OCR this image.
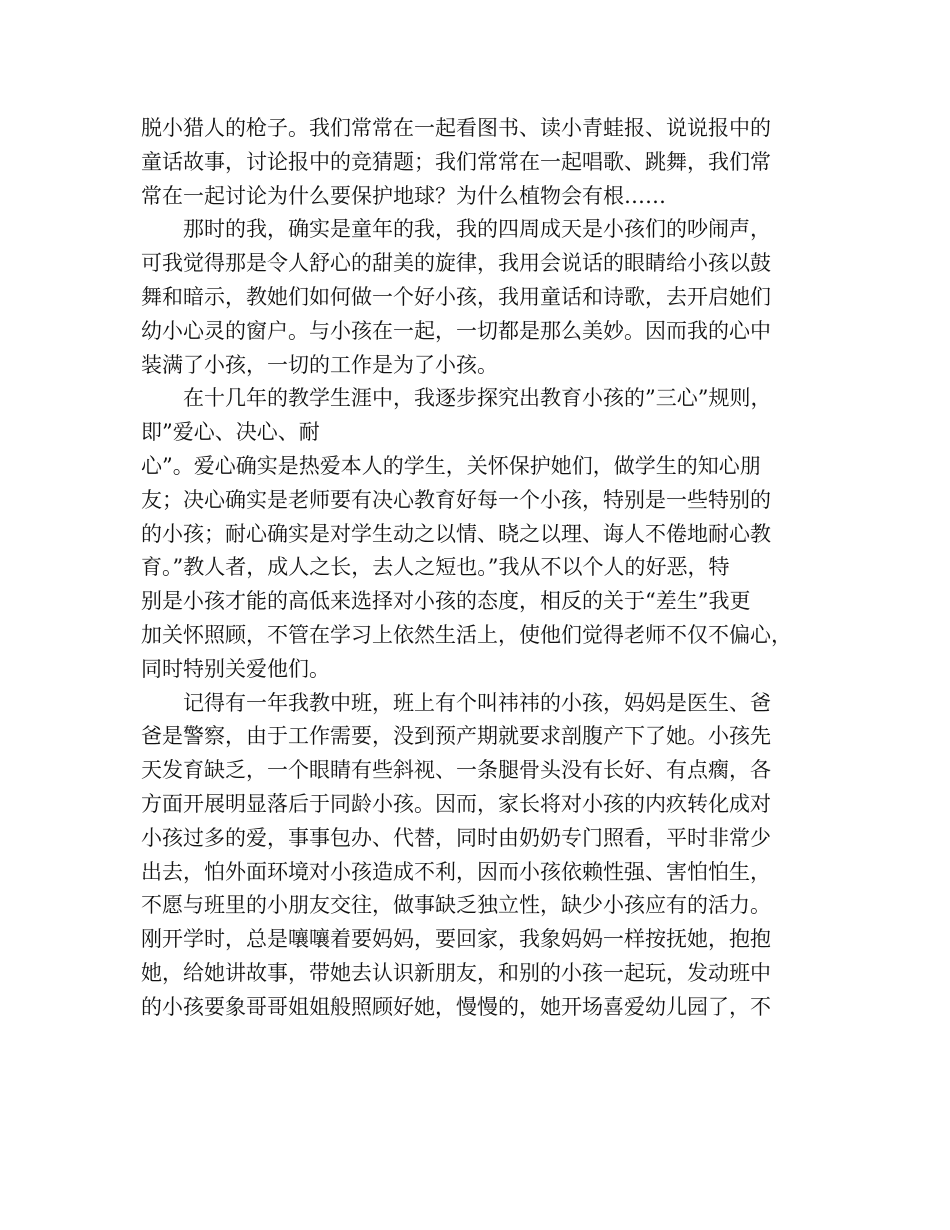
脱小猎人的枪子。我们常常在一起看图书、读小青蛙报、说说报中的
童话故事，讨论报中的竞猜题；我们常常在一起唱歌、跳舞，我们常
常在一起讨论为什么要保护地球？为什么植物会有根……
那时的我，确实是童年的我，我的四周成天是小孩们的吵闹声，
可我觉得那是令人舒心的甜美的旋律，我用会说话的眼睛给小孩以鼓
舞和暗示，教她们如何做一个好小孩，我用童话和诗歌，去开启她们
幼小心灵的窗户。与小孩在一起，一切都是那么美妙。因而我的心中
装满了小孩，一切的工作是为了小孩。
在十几年的教学生涯中，我逐步探究出教育小孩的”三心”规则，
即”爱心、决心、耐
心”。爱心确实是热爱本人的学生，关怀保护她们，做学生的知心朋
友；决心确实是老师要有决心教育好每一个小孩，特别是一些特别的
的小孩；耐心确实是对学生动之以情、晓之以理、诲人不倦地耐心教
育。”教人者，成人之长，去人之短也。”我从不以个人的好恶，特
别是小孩才能的高低来选择对小孩的态度，相反的关于“差生”我更
加关怀照顾，不管在学习上依然生活上，使他们觉得老师不仅不偏心，
同时特别关爱他们。
记得有一年我教中班，班上有个叫祎祎的小孩，妈妈是医生、爸
爸是警察，由于工作需要，没到预产期就要求剖腹产下了她。小孩先
天发育缺乏，一个眼睛有些斜视、一条腿骨头没有长好、有点瘸，各
方面开展明显落后于同龄小孩。因而，家长将对小孩的内疚转化成对
小孩过多的爱，事事包办、代替，同时由奶奶专门照看，平时非常少
出去，怕外面环境对小孩造成不利，因而小孩依赖性强、害怕怕生，
不愿与班里的小朋友交往，做事缺乏独立性，缺少小孩应有的活力。
刚开学时，总是嚷嚷着要妈妈，要回家，我象妈妈一样按抚她，抱抱
她，给她讲故事，带她去认识新朋友，和别的小孩一起玩，发动班中
的小孩要象哥哥姐姐般照顾好她，慢慢的，她开场喜爱幼儿园了，不
